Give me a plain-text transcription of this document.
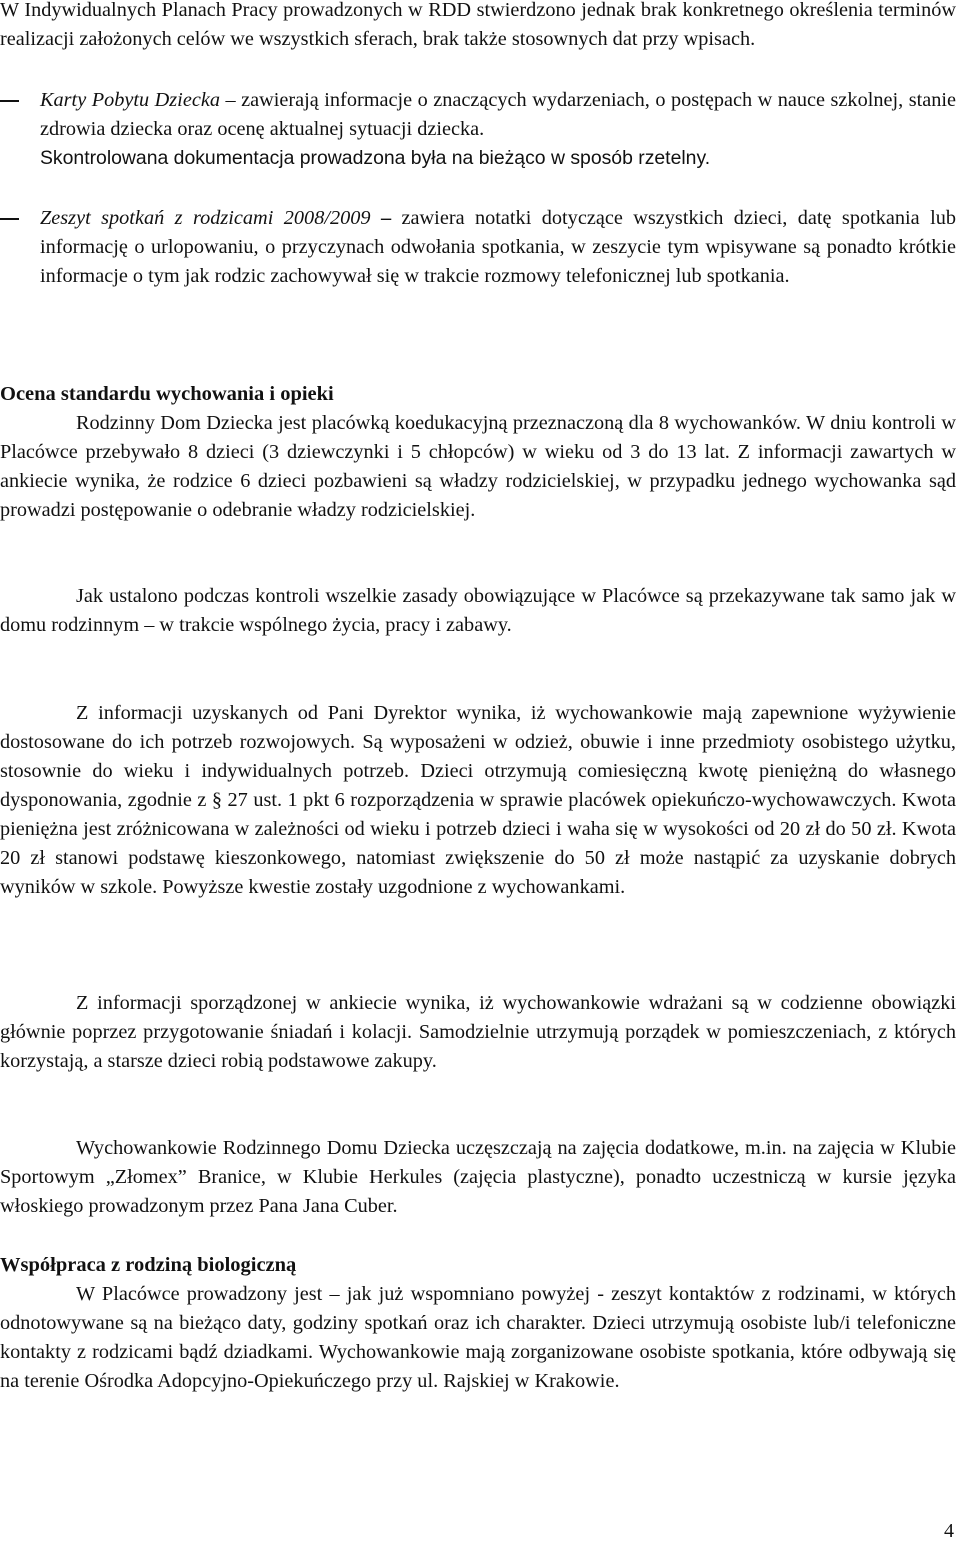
W Indywidualnych Planach Pracy prowadzonych w RDD stwierdzono jednak brak konkretnego określenia terminów realizacji założonych celów we wszystkich sferach, brak także stosownych dat przy wpisach.

Karty Pobytu Dziecka – zawierają informacje o znaczących wydarzeniach, o postępach w nauce szkolnej, stanie zdrowia dziecka oraz ocenę aktualnej sytuacji dziecka.
Skontrolowana dokumentacja prowadzona była na bieżąco w sposób rzetelny.
Zeszyt spotkań z rodzicami 2008/2009 – zawiera notatki dotyczące wszystkich dzieci, datę spotkania lub informację o urlopowaniu, o przyczynach odwołania spotkania, w zeszycie tym wpisywane są ponadto krótkie informacje o tym jak rodzic zachowywał się w trakcie rozmowy telefonicznej lub spotkania.
Ocena standardu wychowania i opieki

Rodzinny Dom Dziecka jest placówką koedukacyjną przeznaczoną dla 8 wychowanków. W dniu kontroli w Placówce przebywało 8 dzieci (3 dziewczynki i 5 chłopców) w wieku od 3 do 13 lat. Z informacji zawartych w ankiecie wynika, że rodzice 6 dzieci pozbawieni są władzy rodzicielskiej, w przypadku jednego wychowanka sąd prowadzi postępowanie o odebranie władzy rodzicielskiej.

Jak ustalono podczas kontroli wszelkie zasady obowiązujące w Placówce są przekazywane tak samo jak w domu rodzinnym – w trakcie wspólnego życia, pracy i zabawy.

Z informacji uzyskanych od Pani Dyrektor wynika, iż wychowankowie mają zapewnione wyżywienie dostosowane do ich potrzeb rozwojowych. Są wyposażeni w odzież, obuwie i inne przedmioty osobistego użytku, stosownie do wieku i indywidualnych potrzeb. Dzieci otrzymują comiesięczną kwotę pieniężną do własnego dysponowania, zgodnie z § 27 ust. 1 pkt 6 rozporządzenia w sprawie placówek opiekuńczo-wychowawczych. Kwota pieniężna jest zróżnicowana w zależności od wieku i potrzeb dzieci i waha się w wysokości od 20 zł do 50 zł. Kwota 20 zł stanowi podstawę kieszonkowego, natomiast zwiększenie do 50 zł może nastąpić za uzyskanie dobrych wyników w szkole. Powyższe kwestie zostały uzgodnione z wychowankami.

Z informacji sporządzonej w ankiecie wynika, iż wychowankowie wdrażani są w codzienne obowiązki głównie poprzez przygotowanie śniadań i kolacji. Samodzielnie utrzymują porządek w pomieszczeniach, z których korzystają, a starsze dzieci robią podstawowe zakupy.

Wychowankowie Rodzinnego Domu Dziecka uczęszczają na zajęcia dodatkowe, m.in. na zajęcia w Klubie Sportowym „Złomex” Branice, w Klubie Herkules (zajęcia plastyczne), ponadto uczestniczą w kursie języka włoskiego prowadzonym przez Pana Jana Cuber.

Współpraca z rodziną biologiczną

W Placówce prowadzony jest – jak już wspomniano powyżej - zeszyt kontaktów z rodzinami, w których odnotowywane są na bieżąco daty, godziny spotkań oraz ich charakter. Dzieci utrzymują osobiste lub/i telefoniczne kontakty z rodzicami bądź dziadkami. Wychowankowie mają zorganizowane osobiste spotkania, które odbywają się na terenie Ośrodka Adopcyjno-Opiekuńczego przy ul. Rajskiej w Krakowie.

4
